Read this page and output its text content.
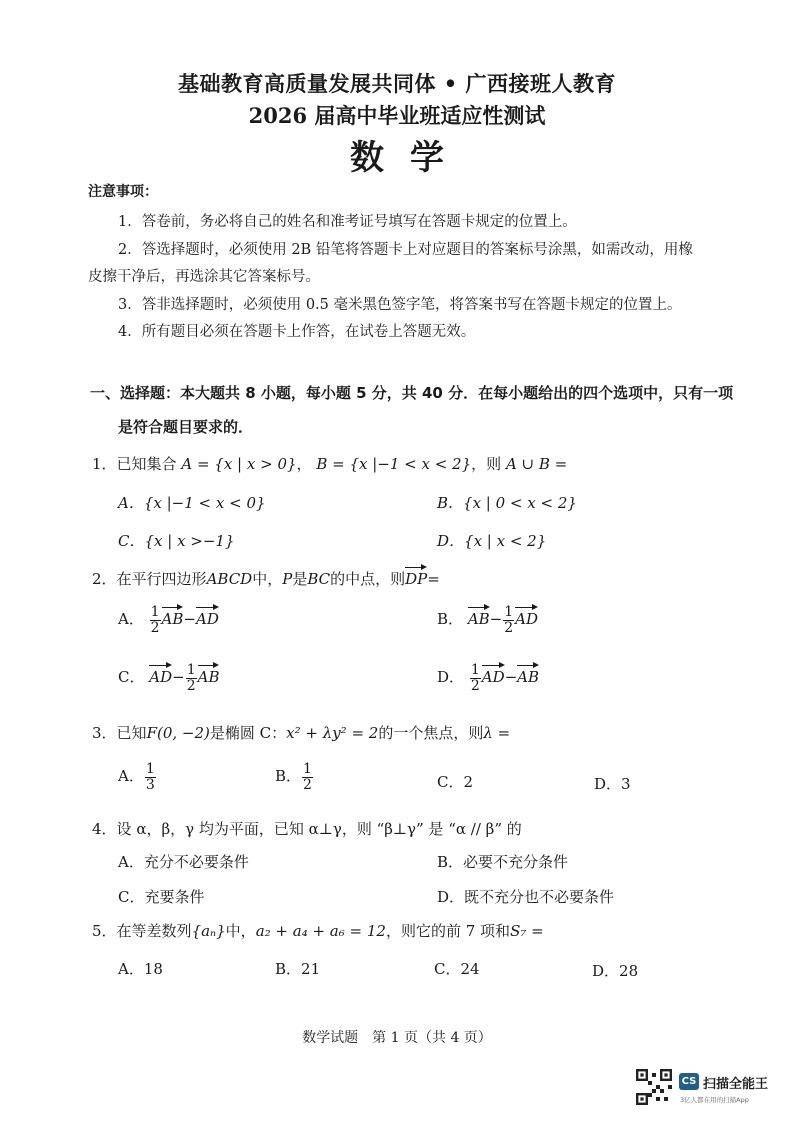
基础教育高质量发展共同体 • 广西接班人教育
2026 届高中毕业班适应性测试
数学
注意事项：
1．答卷前，务必将自己的姓名和准考证号填写在答题卡规定的位置上。
2．答选择题时，必须使用 2B 铅笔将答题卡上对应题目的答案标号涂黑，如需改动，用橡
皮擦干净后，再选涂其它答案标号。
3．答非选择题时，必须使用 0.5 毫米黑色签字笔，将答案书写在答题卡规定的位置上。
4．所有题目必须在答题卡上作答，在试卷上答题无效。
一、选择题：本大题共 8 小题，每小题 5 分，共 40 分．在每小题给出的四个选项中，只有一项
是符合题目要求的．
1．已知集合 A = {x | x > 0}， B = {x |−1 < x < 2}，则 A ∪ B =
A．{x |−1 < x < 0}	B．{x | 0 < x < 2}
C．{x | x >−1}	D．{x | x < 2}
2．在平行四边形ABCD中，P是BC的中点，则DP=
A． $\frac{1}{2} AB-AD$	B． $AB- \frac{1}{2}$ AD
C． $AD- \frac{1}{2}$ AB	D． $\frac{1}{2} AD-AB$
3．已知F(0, −2)是椭圆 C：x² + λy² = 2的一个焦点，则λ =
A． $\frac{1}{3}$	B． $\frac{1}{2}$	C．2	D．3
4．设 α，β，γ 均为平面，已知 α⊥γ，则 “β⊥γ” 是 “α // β” 的
A．充分不必要条件	B．必要不充分条件
C．充要条件	D．既不充分也不必要条件
5．在等差数列{aₙ}中，a₂ + a₄ + a₆ = 12，则它的前 7 项和S₇ =
A．18	B．21	C．24	D．28
数学试题　第 1 页（共 4 页）
CS 扫描全能王
3亿人都在用的扫描App
